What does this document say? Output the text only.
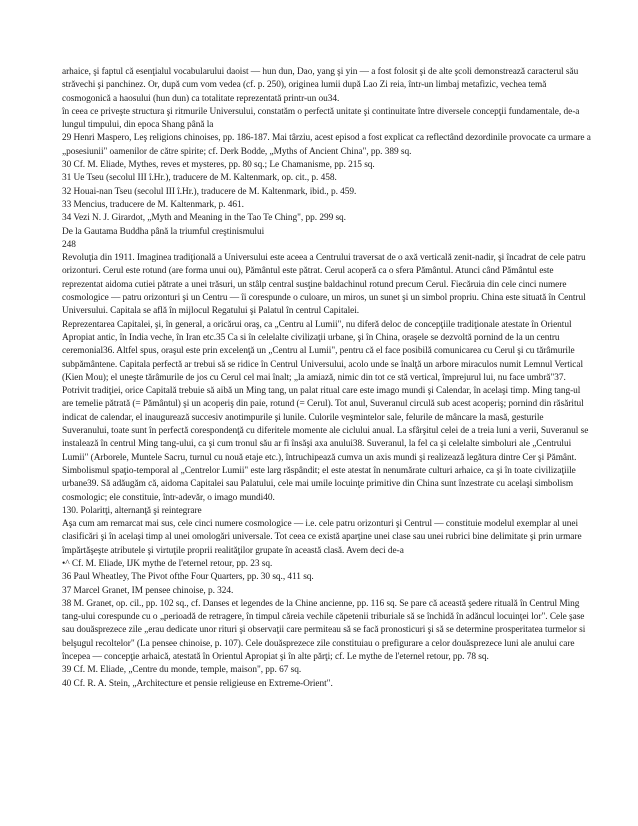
arhaice, şi faptul că esenţialul vocabularului daoist — hun dun, Dao, yang şi yin — a fost folosit şi de alte şcoli demonstrează caracterul său străvechi şi panchinez. Or, după cum vom vedea (cf. p. 250), originea lumii după Lao Zi reia, într-un limbaj metafizic, vechea temă cosmogonică a haosului (hun dun) ca totalitate reprezentată printr-un ou34.

în ceea ce priveşte structura şi ritmurile Universului, constatăm o perfectă unitate şi continuitate între diversele concepţii fundamentale, de-a lungul timpului, din epoca Shang până la

29 Henri Maspero, Leş religions chinoises, pp. 186-187. Mai târziu, acest episod a fost explicat ca reflectând dezordinile provocate ca urmare a „posesiunii" oamenilor de către spirite; cf. Derk Bodde, „Myths of Ancient China", pp. 389 sq.

30 Cf. M. Eliade, Mythes, reves et mysteres, pp. 80 sq.; Le Chamanisme, pp. 215 sq.

31 Ue Tseu (secolul III î.Hr.), traducere de M. Kaltenmark, op. cit., p. 458.

32 Houai-nan Tseu (secolul III î.Hr.), traducere de M. Kaltenmark, ibid., p. 459.

33 Mencius, traducere de M. Kaltenmark, p. 461.

34 Vezi N. J. Girardot, „Myth and Meaning in the Tao Te Ching", pp. 299 sq.

De la Gautama Buddha până la triumful creştinismului

248

Revoluţia din 1911. Imaginea tradiţională a Universului este aceea a Centrului traversat de o axă verticală zenit-nadir, şi încadrat de cele patru orizonturi. Cerul este rotund (are forma unui ou), Pământul este pătrat. Cerul acoperă ca o sfera Pământul. Atunci când Pământul este reprezentat aidoma cutiei pătrate a unei trăsuri, un stâlp central susţine baldachinul rotund precum Cerul. Fiecăruia din cele cinci numere cosmologice — patru orizonturi şi un Centru — îi corespunde o culoare, un miros, un sunet şi un simbol propriu. China este situată în Centrul Universului. Capitala se află în mijlocul Regatului şi Palatul în centrul Capitalei.

Reprezentarea Capitalei, şi, în general, a oricărui oraş, ca „Centru al Lumii", nu diferă deloc de concepţiile tradiţionale atestate în Orientul Apropiat antic, în India veche, în Iran etc.35 Ca si în celelalte civilizaţii urbane, şi în China, oraşele se dezvoltă pornind de la un centru ceremonial36. Altfel spus, oraşul este prin excelenţă un „Centru al Lumii", pentru că el face posibilă comunicarea cu Cerul şi cu tărâmurile subpământene. Capitala perfectă ar trebui să se ridice în Centrul Universului, acolo unde se înalţă un arbore miraculos numit Lemnul Vertical (Kien Mou); el uneşte tărâmurile de jos cu Cerul cel mai înalt; „la amiază, nimic din tot ce stă vertical, împrejurul lui, nu face umbră"37.

Potrivit tradiţiei, orice Capitală trebuie să aibă un Ming tang, un palat ritual care este imago mundi şi Calendar, în acelaşi timp. Ming tang-ul are temelie pătrată (= Pământul) şi un acoperiş din paie, rotund (= Cerul). Tot anul, Suveranul circulă sub acest acoperiş; pornind din răsăritul indicat de calendar, el inaugurează succesiv anotimpurile şi lunile. Culorile veşmintelor sale, felurile de mâncare la masă, gesturile Suveranului, toate sunt în perfectă corespondenţă cu diferitele momente ale ciclului anual. La sfârşitul celei de a treia luni a verii, Suveranul se instalează în centrul Ming tang-ului, ca şi cum tronul său ar fi însăşi axa anului38. Suveranul, la fel ca şi celelalte simboluri ale „Centrului Lumii" (Arborele, Muntele Sacru, turnul cu nouă etaje etc.), întruchipează cumva un axis mundi şi realizează legătura dintre Cer şi Pământ. Simbolismul spaţio-temporal al „Centrelor Lumii" este larg răspândit; el este atestat în nenumărate culturi arhaice, ca şi în toate civilizaţiile urbane39. Să adăugăm că, aidoma Capitalei sau Palatului, cele mai umile locuinţe primitive din China sunt înzestrate cu acelaşi simbolism cosmologic; ele constituie, într-adevăr, o imago mundi40.

130. Polaritţi, alternanţă şi reintegrare

Aşa cum am remarcat mai sus, cele cinci numere cosmologice — i.e. cele patru orizonturi şi Centrul — constituie modelul exemplar al unei clasificări şi în acelaşi timp al unei omologări universale. Tot ceea ce există aparţine unei clase sau unei rubrici bine delimitate şi prin urmare împărtăşeşte atributele şi virtuţile proprii realităţilor grupate în această clasă. Avem deci de-a

•^ Cf. M. Eliade, IJK mythe de l'eternel retour, pp. 23 sq.

36 Paul Wheatley, The Pivot ofthe Four Quarters, pp. 30 sq., 411 sq.

37 Marcel Granet, IM pensee chinoise, p. 324.

38 M. Granet, op. cil., pp. 102 sq., cf. Danses et legendes de la Chine ancienne, pp. 116 sq. Se pare că această şedere rituală în Centrul Ming tang-ului corespunde cu o „perioadă de retragere, în timpul căreia vechile căpetenii triburiale să se închidă în adăncul locuinţei lor". Cele şase sau douăsprezece zile „erau dedicate unor rituri şi observaţii care permiteau să se facă pronosticuri şi să se determine prosperitatea turmelor si belşugul recoltelor" (La pensee chinoise, p. 107). Cele douăsprezece zile constituiau o prefigurare a celor douăsprezece luni ale anului care începea — concepţie arhaică, atestată în Orientul Apropiat şi în alte părţi; cf. Le mythe de l'eternel retour, pp. 78 sq.

39 Cf. M. Eliade, „Centre du monde, temple, maison", pp. 67 sq.

40 Cf. R. A. Stein, „Architecture et pensie religieuse en Extreme-Orient".
